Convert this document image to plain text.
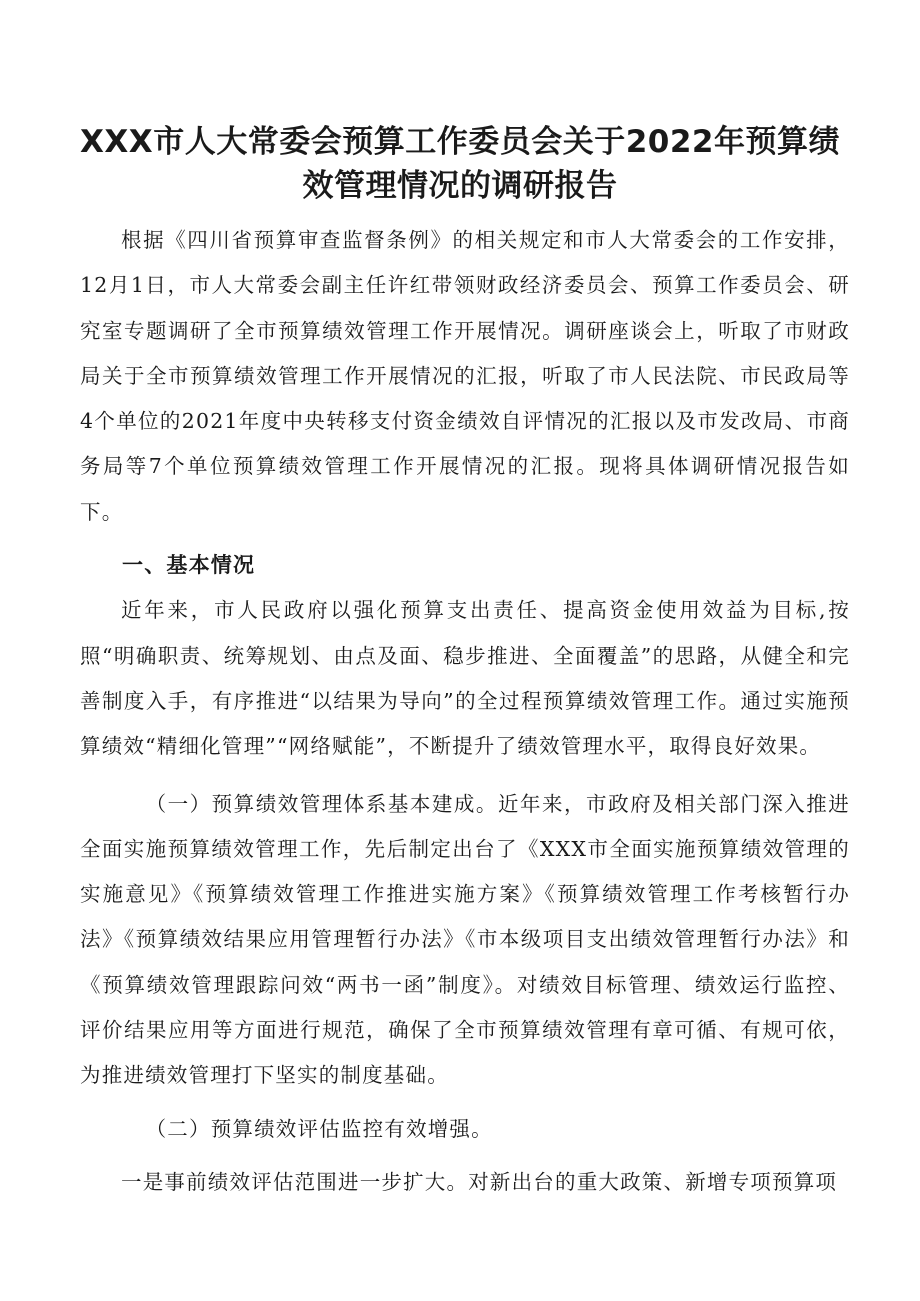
XXX市人大常委会预算工作委员会关于2022年预算绩
效管理情况的调研报告

根据《四川省预算审查监督条例》的相关规定和市人大常委会的工作安排，12月1日，市人大常委会副主任许红带领财政经济委员会、预算工作委员会、研究室专题调研了全市预算绩效管理工作开展情况。调研座谈会上，听取了市财政局关于全市预算绩效管理工作开展情况的汇报，听取了市人民法院、市民政局等4个单位的2021年度中央转移支付资金绩效自评情况的汇报以及市发改局、市商务局等7个单位预算绩效管理工作开展情况的汇报。现将具体调研情况报告如下。

一、基本情况

近年来，市人民政府以强化预算支出责任、提高资金使用效益为目标,按照“明确职责、统筹规划、由点及面、稳步推进、全面覆盖”的思路，从健全和完善制度入手，有序推进“以结果为导向”的全过程预算绩效管理工作。通过实施预算绩效“精细化管理”“网络赋能”，不断提升了绩效管理水平，取得良好效果。

（一）预算绩效管理体系基本建成。近年来，市政府及相关部门深入推进全面实施预算绩效管理工作，先后制定出台了《XXX市全面实施预算绩效管理的实施意见》《预算绩效管理工作推进实施方案》《预算绩效管理工作考核暂行办法》《预算绩效结果应用管理暂行办法》《市本级项目支出绩效管理暂行办法》和《预算绩效管理跟踪问效“两书一函”制度》。对绩效目标管理、绩效运行监控、评价结果应用等方面进行规范，确保了全市预算绩效管理有章可循、有规可依，为推进绩效管理打下坚实的制度基础。

（二）预算绩效评估监控有效增强。

一是事前绩效评估范围进一步扩大。对新出台的重大政策、新增专项预算项
